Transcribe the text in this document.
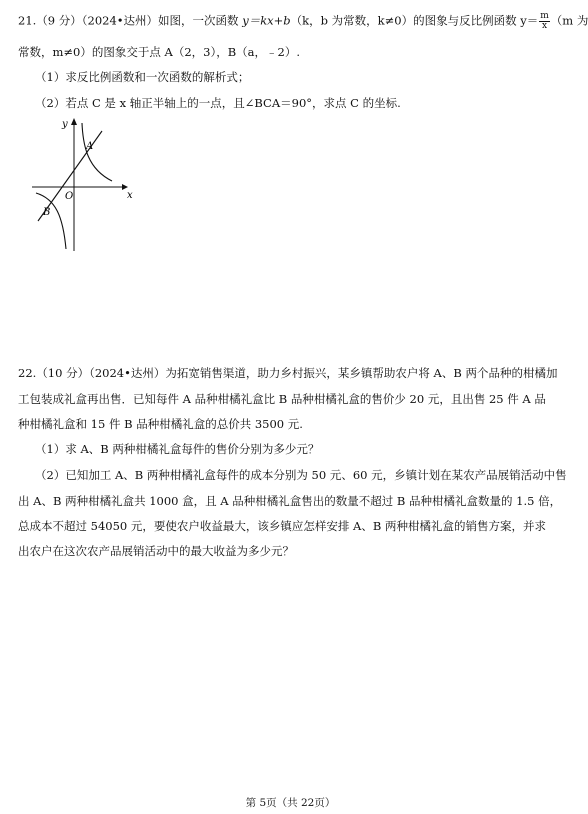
21.（9 分）（2024•达州）如图，一次函数 y＝kx+b（k，b 为常数，k≠0）的图象与反比例函数 $y= \frac{m}{x} (m$ 为
常数，m≠0）的图象交于点 A（2，3），B（a，﹣2）.
（1）求反比例函数和一次函数的解析式；
（2）若点 C 是 x 轴正半轴上的一点，且∠BCA＝90°，求点 C 的坐标.
y
x
O
A
B
22.（10 分）（2024•达州）为拓宽销售渠道，助力乡村振兴，某乡镇帮助农户将 A、B 两个品种的柑橘加
工包装成礼盒再出售．已知每件 A 品种柑橘礼盒比 B 品种柑橘礼盒的售价少 20 元，且出售 25 件 A 品
种柑橘礼盒和 15 件 B 品种柑橘礼盒的总价共 3500 元.
（1）求 A、B 两种柑橘礼盒每件的售价分别为多少元？
（2）已知加工 A、B 两种柑橘礼盒每件的成本分别为 50 元、60 元，乡镇计划在某农产品展销活动中售
出 A、B 两种柑橘礼盒共 1000 盒，且 A 品种柑橘礼盒售出的数量不超过 B 品种柑橘礼盒数量的 1.5 倍，
总成本不超过 54050 元，要使农户收益最大，该乡镇应怎样安排 A、B 两种柑橘礼盒的销售方案，并求
出农户在这次农产品展销活动中的最大收益为多少元？
第 5页（共 22页）
